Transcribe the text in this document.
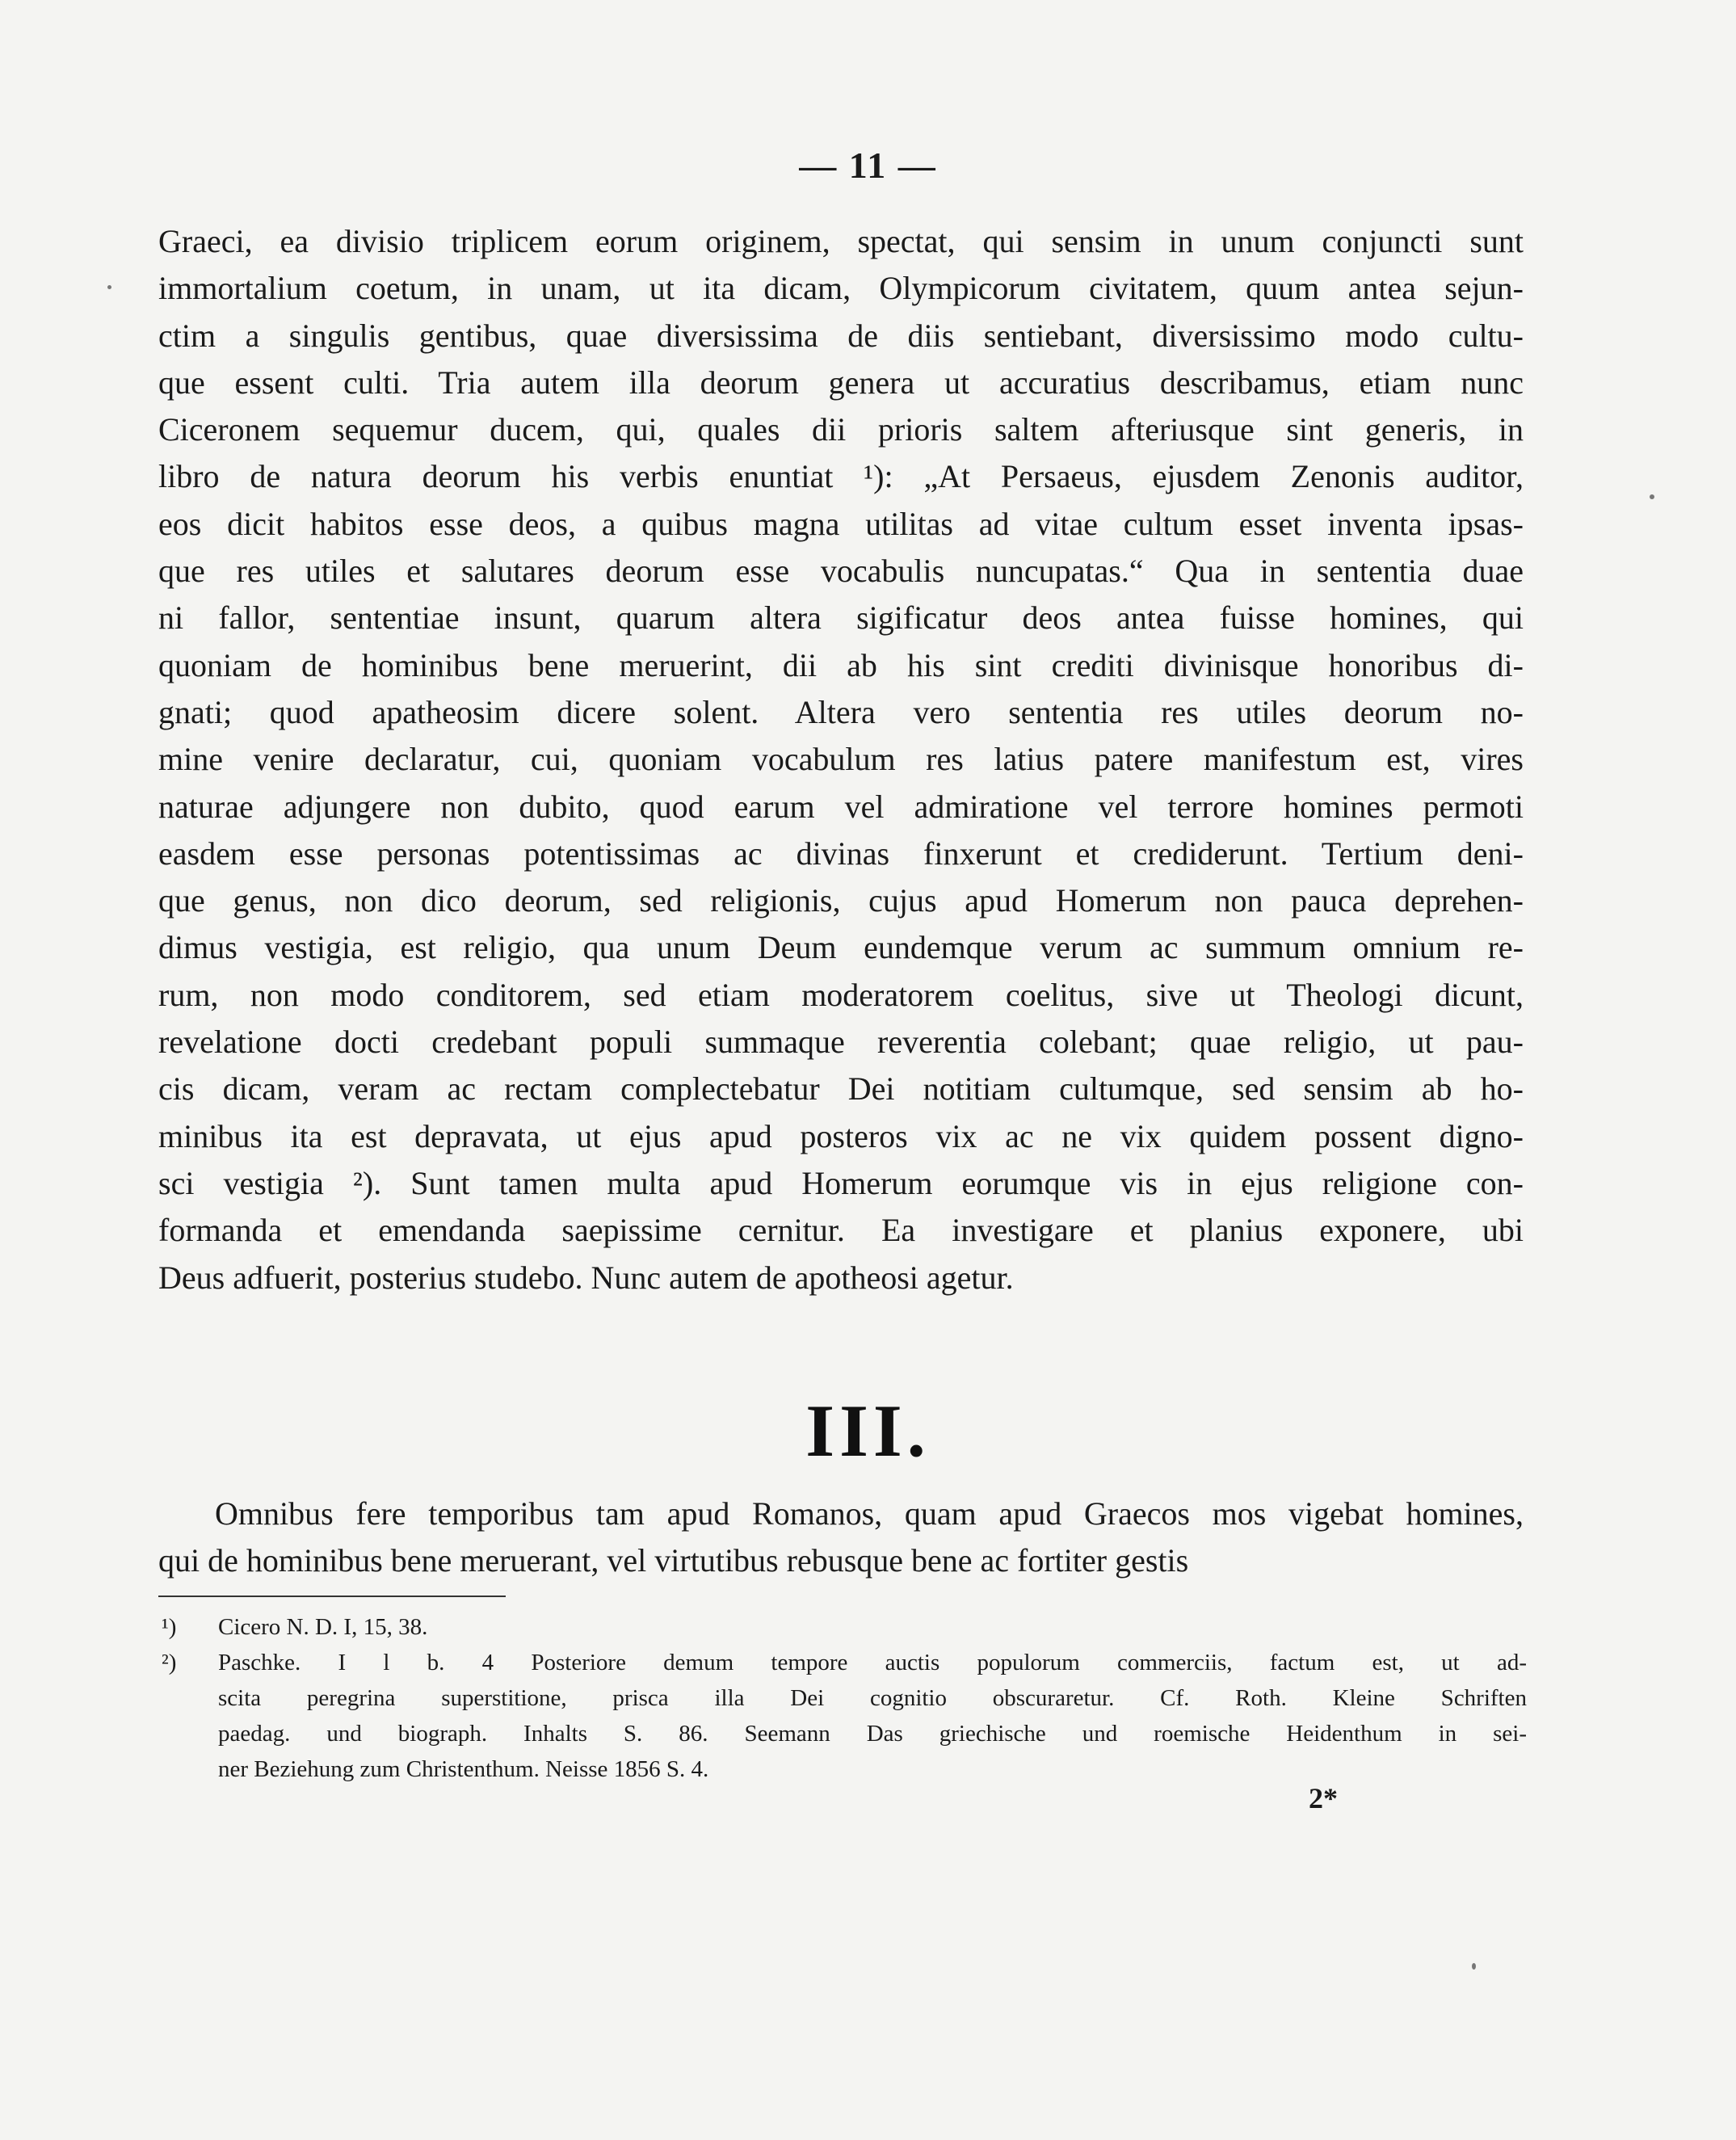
— 11 —
Graeci, ea divisio triplicem eorum originem, spectat, qui sensim in unum conjuncti sunt
immortalium coetum, in unam, ut ita dicam, Olympicorum civitatem, quum antea sejun-
ctim a singulis gentibus, quae diversissima de diis sentiebant, diversissimo modo cultu-
que essent culti. Tria autem illa deorum genera ut accuratius describamus, etiam nunc
Ciceronem sequemur ducem, qui, quales dii prioris saltem afteriusque sint generis, in
libro de natura deorum his verbis enuntiat ¹): „At Persaeus, ejusdem Zenonis auditor,
eos dicit habitos esse deos, a quibus magna utilitas ad vitae cultum esset inventa ipsas-
que res utiles et salutares deorum esse vocabulis nuncupatas.“ Qua in sententia duae
ni fallor, sententiae insunt, quarum altera sigificatur deos antea fuisse homines, qui
quoniam de hominibus bene meruerint, dii ab his sint crediti divinisque honoribus di-
gnati; quod apatheosim dicere solent. Altera vero sententia res utiles deorum no-
mine venire declaratur, cui, quoniam vocabulum res latius patere manifestum est, vires
naturae adjungere non dubito, quod earum vel admiratione vel terrore homines permoti
easdem esse personas potentissimas ac divinas finxerunt et crediderunt. Tertium deni-
que genus, non dico deorum, sed religionis, cujus apud Homerum non pauca deprehen-
dimus vestigia, est religio, qua unum Deum eundemque verum ac summum omnium re-
rum, non modo conditorem, sed etiam moderatorem coelitus, sive ut Theologi dicunt,
revelatione docti credebant populi summaque reverentia colebant; quae religio, ut pau-
cis dicam, veram ac rectam complectebatur Dei notitiam cultumque, sed sensim ab ho-
minibus ita est depravata, ut ejus apud posteros vix ac ne vix quidem possent digno-
sci vestigia ²). Sunt tamen multa apud Homerum eorumque vis in ejus religione con-
formanda et emendanda saepissime cernitur. Ea investigare et planius exponere, ubi
Deus adfuerit, posterius studebo. Nunc autem de apotheosi agetur.
III.
Omnibus fere temporibus tam apud Romanos, quam apud Graecos mos vigebat homines,
qui de hominibus bene meruerant, vel virtutibus rebusque bene ac fortiter gestis
¹) Cicero N. D. I, 15, 38.
²) Paschke. I l b. 4 Posteriore demum tempore auctis populorum commerciis, factum est, ut ad-
scita peregrina superstitione, prisca illa Dei cognitio obscuraretur. Cf. Roth. Kleine Schriften
paedag. und biograph. Inhalts S. 86. Seemann Das griechische und roemische Heidenthum in sei-
ner Beziehung zum Christenthum. Neisse 1856 S. 4.
2*
